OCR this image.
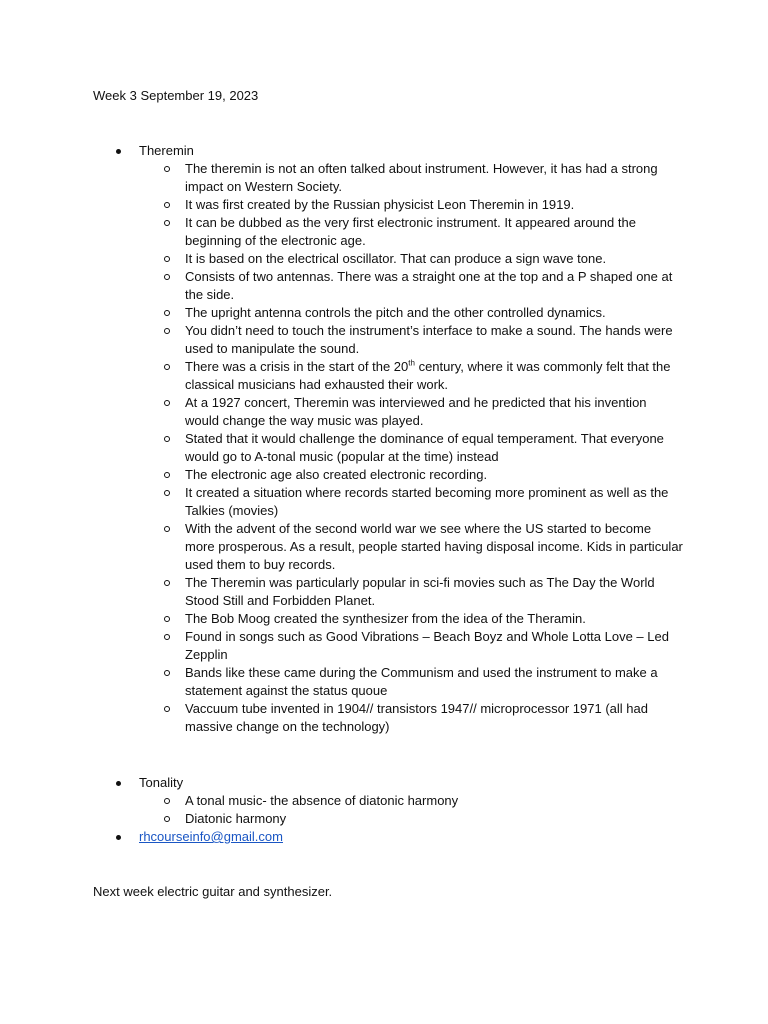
Week 3 September 19, 2023
Theremin
The theremin is not an often talked about instrument. However, it has had a strong impact on Western Society.
It was first created by the Russian physicist Leon Theremin in 1919.
It can be dubbed as the very first electronic instrument. It appeared around the beginning of the electronic age.
It is based on the electrical oscillator. That can produce a sign wave tone.
Consists of two antennas. There was a straight one at the top and a P shaped one at the side.
The upright antenna controls the pitch and the other controlled dynamics.
You didn’t need to touch the instrument’s interface to make a sound. The hands were used to manipulate the sound.
There was a crisis in the start of the 20th century, where it was commonly felt that the classical musicians had exhausted their work.
At a 1927 concert, Theremin was interviewed and he predicted that his invention would change the way music was played.
Stated that it would challenge the dominance of equal temperament. That everyone would go to A-tonal music (popular at the time) instead
The electronic age also created electronic recording.
It created a situation where records started becoming more prominent as well as the Talkies (movies)
With the advent of the second world war we see where the US started to become more prosperous. As a result, people started having disposal income. Kids in particular used them to buy records.
The Theremin was particularly popular in sci-fi movies such as The Day the World Stood Still and Forbidden Planet.
The Bob Moog created the synthesizer from the idea of the Theramin.
Found in songs such as Good Vibrations – Beach Boyz and Whole Lotta Love – Led Zepplin
Bands like these came during the Communism and used the instrument to make a statement against the status quoue
Vaccuum tube invented in 1904// transistors 1947// microprocessor 1971 (all had massive change on the technology)
Tonality
A tonal music- the absence of diatonic harmony
Diatonic harmony
rhcourseinfo@gmail.com
Next week electric guitar and synthesizer.
